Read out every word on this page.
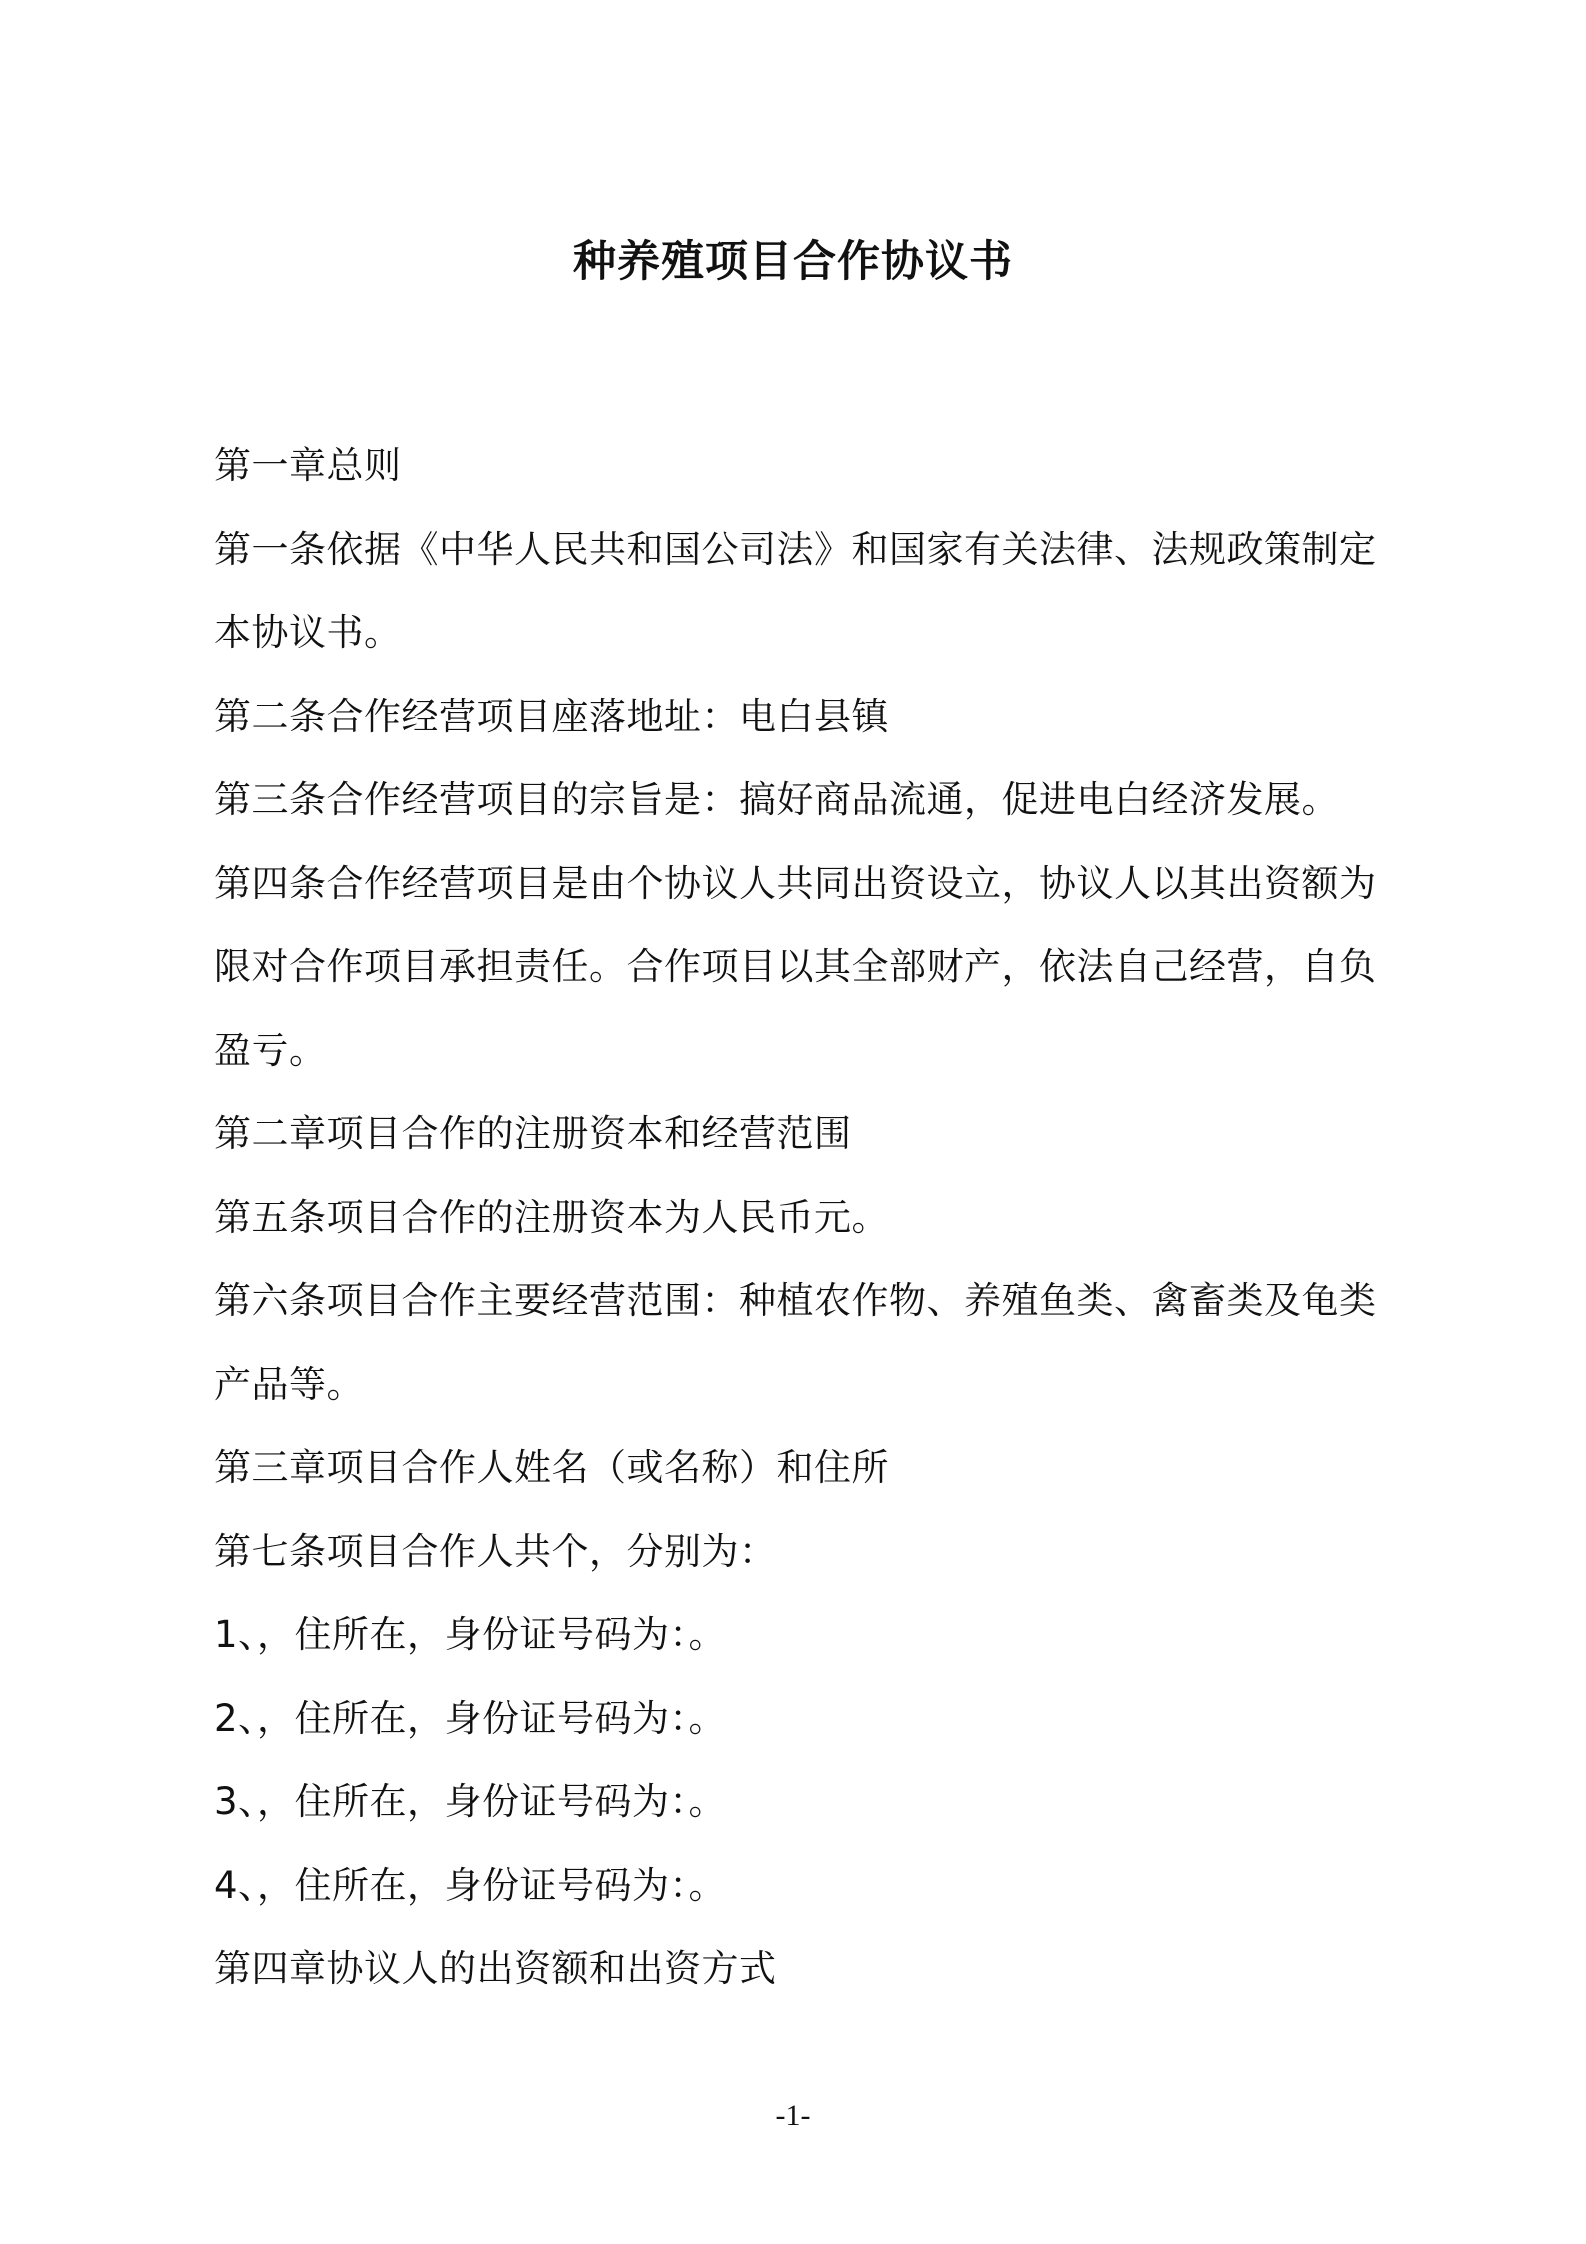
种养殖项目合作协议书

第一章总则

第一条依据《中华人民共和国公司法》和国家有关法律、法规政策制定
本协议书。

第二条合作经营项目座落地址：电白县镇

第三条合作经营项目的宗旨是：搞好商品流通，促进电白经济发展。

第四条合作经营项目是由个协议人共同出资设立，协议人以其出资额为
限对合作项目承担责任。合作项目以其全部财产，依法自己经营，自负
盈亏。

第二章项目合作的注册资本和经营范围

第五条项目合作的注册资本为人民币元。

第六条项目合作主要经营范围：种植农作物、养殖鱼类、禽畜类及龟类
产品等。

第三章项目合作人姓名（或名称）和住所

第七条项目合作人共个，分别为：

1、，住所在，身份证号码为：。

2、，住所在，身份证号码为：。

3、，住所在，身份证号码为：。

4、，住所在，身份证号码为：。

第四章协议人的出资额和出资方式

-1-
